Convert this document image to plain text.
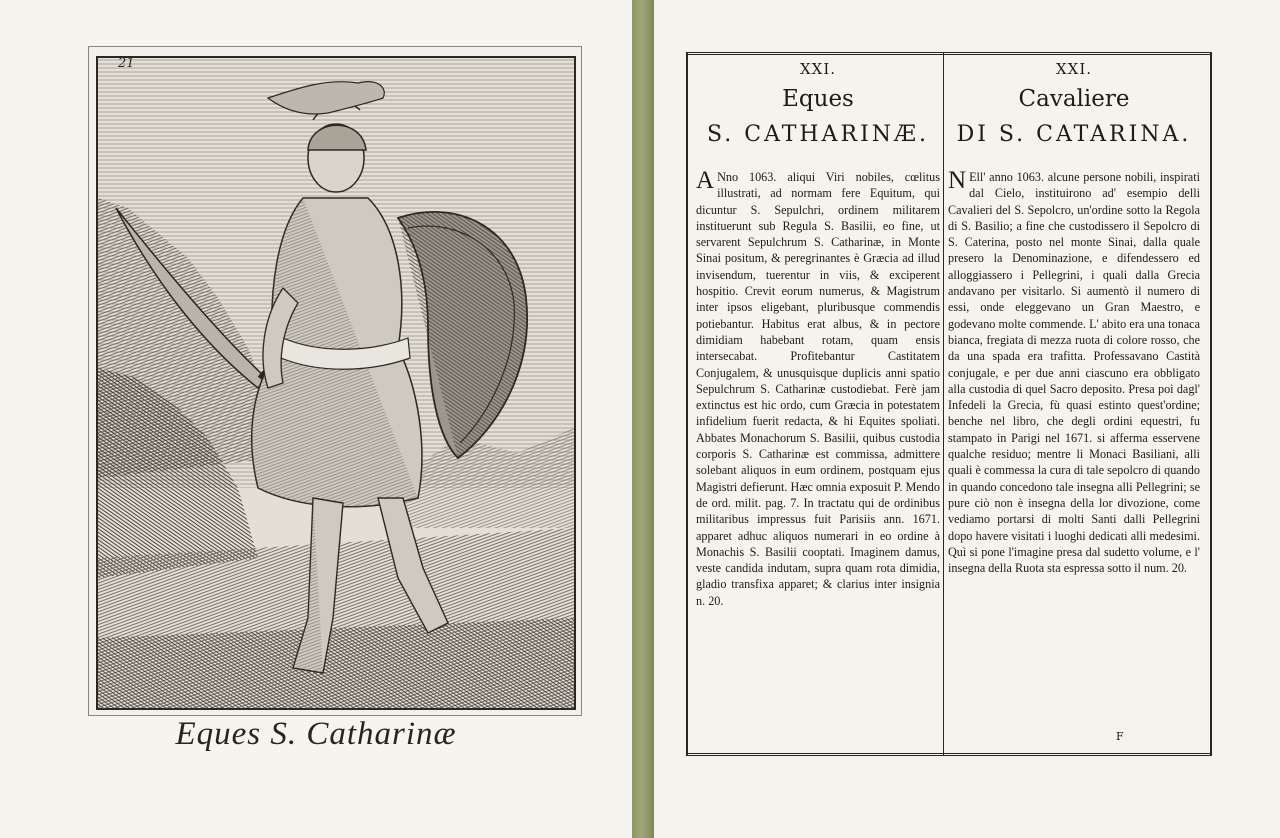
21
Eques S. Catharinæ
XXI.
Eques
S. CATHARINÆ.
A Nno 1063. aliqui Viri nobiles, cœlitus illustrati, ad normam fere Equitum, qui dicuntur S. Sepulchri, ordinem militarem instituerunt sub Regula S. Basilii, eo fine, ut servarent Sepulchrum S. Catharinæ, in Monte Sinai positum, & peregrinantes è Græcia ad illud invisendum, tuerentur in viis, & exciperent hospitio. Crevit eorum numerus, & Magistrum inter ipsos eligebant, pluribusque commendis potiebantur. Habitus erat albus, & in pectore dimidiam habebant rotam, quam ensis intersecabat. Profitebantur Castitatem Conjugalem, & unusquisque duplicis anni spatio Sepulchrum S. Catharinæ custodiebat. Ferè jam extinctus est hic ordo, cum Græcia in potestatem infidelium fuerit redacta, & hi Equites spoliati. Abbates Monachorum S. Basilii, quibus custodia corporis S. Catharinæ est commissa, admittere solebant aliquos in eum ordinem, postquam ejus Magistri defierunt. Hæc omnia exposuit P. Mendo de ord. milit. pag. 7. In tractatu qui de ordinibus militaribus impressus fuit Parisiis ann. 1671. apparet adhuc aliquos numerari in eo ordine à Monachis S. Basilii cooptati. Imaginem damus, veste candida indutam, supra quam rota dimidia, gladio transfixa apparet; & clarius inter insignia n. 20.
XXI.
Cavaliere
DI S. CATARINA.
N Ell' anno 1063. alcune persone nobili, inspirati dal Cielo, instituirono ad' esempio delli Cavalieri del S. Sepolcro, un'ordine sotto la Regola di S. Basilio; a fine che custodissero il Sepolcro di S. Caterina, posto nel monte Sinai, dalla quale presero la Denominazione, e difendessero ed alloggiassero i Pellegrini, i quali dalla Grecia andavano per visitarlo. Si aumentò il numero di essi, onde eleggevano un Gran Maestro, e godevano molte commende. L' abito era una tonaca bianca, fregiata di mezza ruota di colore rosso, che da una spada era trafitta. Professavano Castità conjugale, e per due anni ciascuno era obbligato alla custodia di quel Sacro deposito. Presa poi dagl' Infedeli la Grecia, fù quasi estinto quest'ordine; benche nel libro, che degli ordini equestri, fu stampato in Parigi nel 1671. si afferma esservene qualche residuo; mentre li Monaci Basiliani, alli quali è commessa la cura di tale sepolcro di quando in quando concedono tale insegna alli Pellegrini; se pure ciò non è insegna della lor divozione, come vediamo portarsi di molti Santi dalli Pellegrini dopo havere visitati i luoghi dedicati alli medesimi. Quì si pone l'imagine presa dal sudetto volume, e l' insegna della Ruota sta espressa sotto il num. 20.
F
